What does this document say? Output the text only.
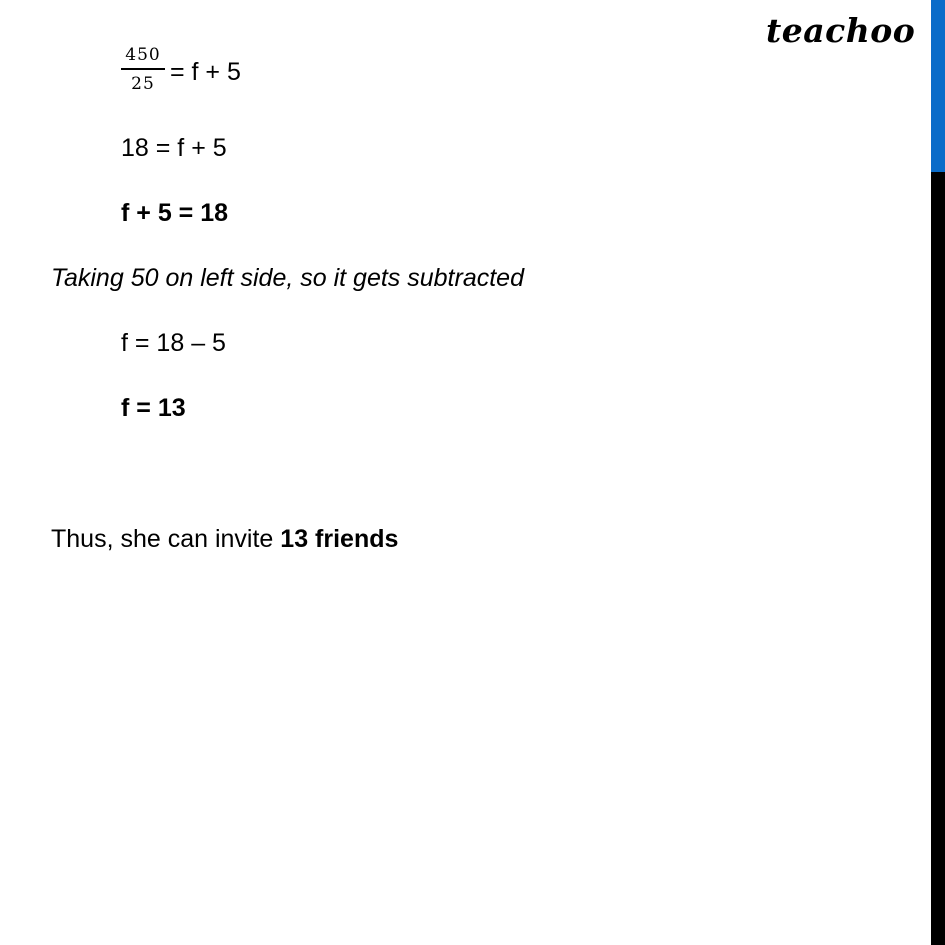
teachoo
450
25 = f + 5
18 = f + 5
f + 5 = 18
Taking 50 on left side, so it gets subtracted
f = 18 – 5
f = 13
Thus, she can invite 13 friends
